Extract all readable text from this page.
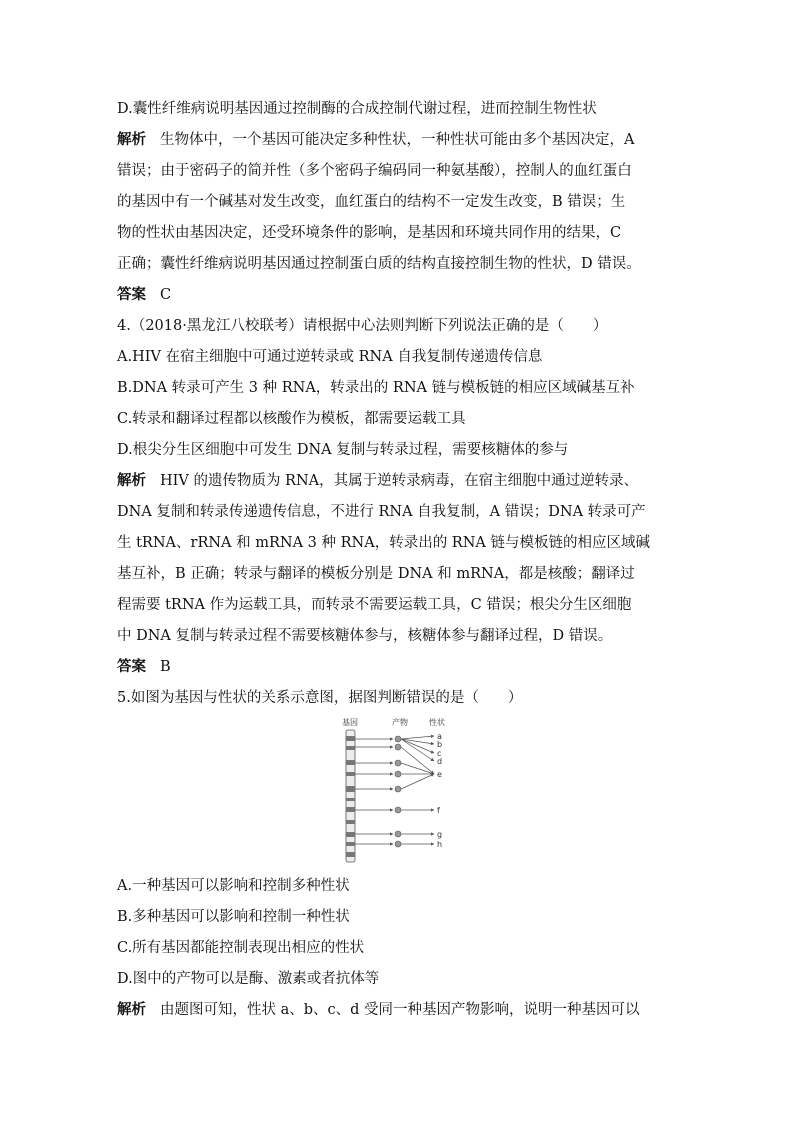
D.囊性纤维病说明基因通过控制酶的合成控制代谢过程，进而控制生物性状
解析 生物体中，一个基因可能决定多种性状，一种性状可能由多个基因决定，A
错误；由于密码子的简并性（多个密码子编码同一种氨基酸），控制人的血红蛋白
的基因中有一个碱基对发生改变，血红蛋白的结构不一定发生改变，B 错误；生
物的性状由基因决定，还受环境条件的影响，是基因和环境共同作用的结果，C
正确；囊性纤维病说明基因通过控制蛋白质的结构直接控制生物的性状，D 错误。
答案 C
4.（2018·黑龙江八校联考）请根据中心法则判断下列说法正确的是（　　）
A.HIV 在宿主细胞中可通过逆转录或 RNA 自我复制传递遗传信息
B.DNA 转录可产生 3 种 RNA，转录出的 RNA 链与模板链的相应区域碱基互补
C.转录和翻译过程都以核酸作为模板，都需要运载工具
D.根尖分生区细胞中可发生 DNA 复制与转录过程，需要核糖体的参与
解析 HIV 的遗传物质为 RNA，其属于逆转录病毒，在宿主细胞中通过逆转录、
DNA 复制和转录传递遗传信息，不进行 RNA 自我复制，A 错误；DNA 转录可产
生 tRNA、rRNA 和 mRNA 3 种 RNA，转录出的 RNA 链与模板链的相应区域碱
基互补，B 正确；转录与翻译的模板分别是 DNA 和 mRNA，都是核酸；翻译过
程需要 tRNA 作为运载工具，而转录不需要运载工具，C 错误；根尖分生区细胞
中 DNA 复制与转录过程不需要核糖体参与，核糖体参与翻译过程，D 错误。
答案 B
5.如图为基因与性状的关系示意图，据图判断错误的是（　　）
基因	产物	性状
a
b
c
d
e
f
g
h
A.一种基因可以影响和控制多种性状
B.多种基因可以影响和控制一种性状
C.所有基因都能控制表现出相应的性状
D.图中的产物可以是酶、激素或者抗体等
解析 由题图可知，性状 a、b、c、d 受同一种基因产物影响，说明一种基因可以
